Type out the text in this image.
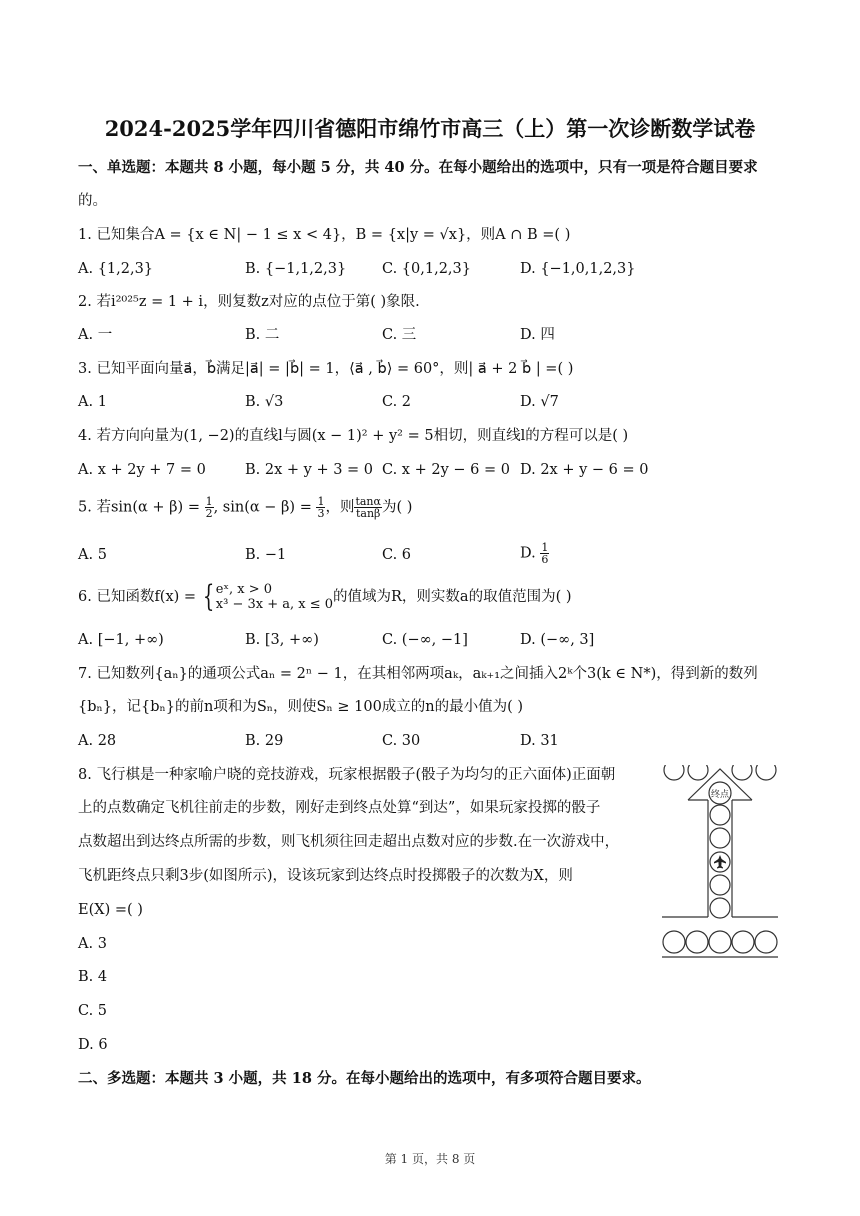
2024-2025学年四川省德阳市绵竹市高三（上）第一次诊断数学试卷
一、单选题：本题共 8 小题，每小题 5 分，共 40 分。在每小题给出的选项中，只有一项是符合题目要求
的。
1. 已知集合A = {x ∈ N| − 1 ≤ x < 4}，B = {x|y = √x}，则A ∩ B =( )
A. {1,2,3}	B. {−1,1,2,3} C. {0,1,2,3}	D. {−1,0,1,2,3}
2. 若i²⁰²⁵z = 1 + i，则复数z对应的点位于第( )象限.
A. 一	B. 二	C. 三	D. 四
3. 已知平面向量a⃗，b⃗满足|a⃗| = |b⃗| = 1，⟨a⃗ , b⃗⟩ = 60°，则| a⃗ + 2 b⃗ | =( )
A. 1	B. √3	C. 2	D. √7
4. 若方向向量为(1, −2)的直线l与圆(x − 1)² + y² = 5相切，则直线l的方程可以是( )
A. x + 2y + 7 = 0	B. 2x + y + 3 = 0 C. x + 2y − 6 = 0 D. 2x + y − 6 = 0
5. 若$\sin(\alpha + \beta) = \frac{1}{2}$ , $\sin(\alpha - \beta) = \frac{1}{3}$ ，则 $\frac{\tan\alpha}{\tan\beta}$ 为( )
A. 5	B. −1	C. 6	D. $\frac{1}{6}$
6. 已知函数f(x) = { eˣ, x > 0
x³ − 3x + a, x ≤ 0 的值域为R，则实数a的取值范围为( )
A. [−1, +∞)	B. [3, +∞)	C. (−∞, −1]	D. (−∞, 3]
7. 已知数列{aₙ}的通项公式aₙ = 2ⁿ − 1，在其相邻两项aₖ，aₖ₊₁之间插入2ᵏ个3(k ∈ N*)，得到新的数列
{bₙ}，记{bₙ}的前n项和为Sₙ，则使Sₙ ≥ 100成立的n的最小值为( )
A. 28	B. 29	C. 30	D. 31
8. 飞行棋是一种家喻户晓的竞技游戏，玩家根据骰子(骰子为均匀的正六面体)正面朝
上的点数确定飞机往前走的步数，刚好走到终点处算“到达”，如果玩家投掷的骰子
点数超出到达终点所需的步数，则飞机须往回走超出点数对应的步数.在一次游戏中，
飞机距终点只剩3步(如图所示)，设该玩家到达终点时投掷骰子的次数为X，则
E(X) =( )
A. 3
B. 4
C. 5
D. 6
终点
二、多选题：本题共 3 小题，共 18 分。在每小题给出的选项中，有多项符合题目要求。
第 1 页，共 8 页
